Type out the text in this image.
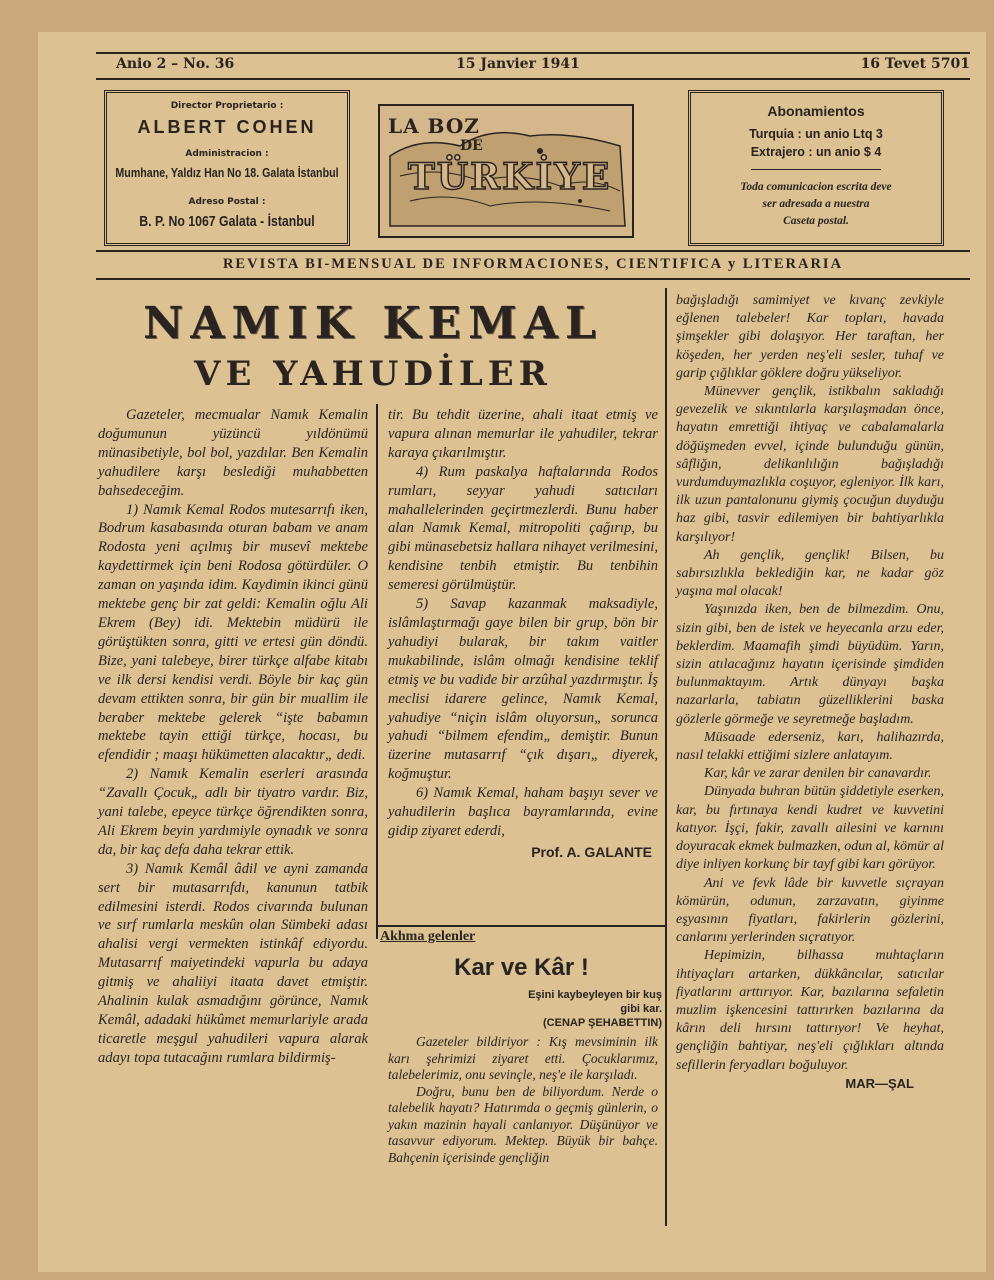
Anio 2 – No. 36	15 Janvier 1941	16 Tevet 5701
Director Proprietario :
ALBERT COHEN
Administracion :
Mumhane, Yaldız Han No 18. Galata İstanbul
Adreso Postal :
B. P. No 1067 Galata - İstanbul
LA BOZ
DE
TÜRKİYE
Abonamientos
Turquia : un anio Ltq 3
Extrajero : un anio $ 4
Toda comunicacion escrita deve
ser adresada a nuestra
Caseta postal.
REVISTA BI-MENSUAL DE INFORMACIONES, CIENTIFICA y LITERARIA
NAMIK KEMAL
VE YAHUDİLER

Gazeteler, mecmualar Namık Kemalin doğumunun yüzüncü yıldönümü münasibetiyle, bol bol, yazdılar. Ben Kemalin yahudilere karşı beslediği muhabbetten bahsedeceğim.

1) Namık Kemal Rodos mutesarrıfı iken, Bodrum kasabasında oturan babam ve anam Rodosta yeni açılmış bir musevî mektebe kaydettirmek için beni Rodosa götürdüler. O zaman on yaşında idim. Kaydimin ikinci günü mektebe genç bir zat geldi: Kemalin oğlu Ali Ekrem (Bey) idi. Mektebin müdürü ile görüştükten sonra, gitti ve ertesi gün döndü. Bize, yani talebeye, birer türkçe alfabe kitabı ve ilk dersi kendisi verdi. Böyle bir kaç gün devam ettikten sonra, bir gün bir muallim ile beraber mektebe gelerek “işte babamın mektebe tayin ettiği türkçe, hocası, bu efendidir ; maaşı hükümetten alacaktır„ dedi.

2) Namık Kemalin eserleri arasında “Zavallı Çocuk„ adlı bir tiyatro vardır. Biz, yani talebe, epeyce türkçe öğrendikten sonra, Ali Ekrem beyin yardımiyle oynadık ve sonra da, bir kaç defa daha tekrar ettik.

3) Namık Kemâl âdil ve ayni zamanda sert bir mutasarrıfdı, kanunun tatbik edilmesini isterdi. Rodos civarında bulunan ve sırf rumlarla meskûn olan Sümbeki adası ahalisi vergi vermekten istinkâf ediyordu. Mutasarrıf maiyetindeki vapurla bu adaya gitmiş ve ahaliiyi itaata davet etmiştir. Ahalinin kulak asmadığını görünce, Namık Kemâl, adadaki hükûmet memurlariyle arada ticaretle meşgul yahudileri vapura alarak adayı topa tutacağını rumlara bildirmiş-

tir. Bu tehdit üzerine, ahali itaat etmiş ve vapura alınan memurlar ile yahudiler, tekrar karaya çıkarılmıştır.

4) Rum paskalya haftalarında Rodos rumları, seyyar yahudi satıcıları mahallelerinden geçirtmezlerdi. Bunu haber alan Namık Kemal, mitropoliti çağırıp, bu gibi münasebetsiz hallara nihayet verilmesini, kendisine tenbih etmiştir. Bu tenbihin semeresi görülmüştür.

5) Savap kazanmak maksadiyle, islâmlaştırmağı gaye bilen bir grup, bön bir yahudiyi bularak, bir takım vaitler mukabilinde, islâm olmağı kendisine teklif etmiş ve bu vadide bir arzûhal yazdırmıştır. İş meclisi idarere gelince, Namık Kemal, yahudiye “niçin islâm oluyorsun„ sorunca yahudi “bilmem efendim„ demiştir. Bunun üzerine mutasarrıf “çık dışarı„ diyerek, koğmuştur.

6) Namık Kemal, haham başıyı sever ve yahudilerin başlıca bayramlarında, evine gidip ziyaret ederdi,

Prof. A. GALANTE
Akhma gelenler
Kar ve Kâr !
Eşini kaybeyleyen bir kuş
gibi kar.
(CENAP ŞEHABETTIN)

Gazeteler bildiriyor : Kış mevsiminin ilk karı şehrimizi ziyaret etti. Çocuklarımız, talebelerimiz, onu sevinçle, neş'e ile karşıladı.

Doğru, bunu ben de biliyordum. Nerde o talebelik hayatı? Hatırımda o geçmiş günlerin, o yakın mazinin hayali canlanıyor. Düşünüyor ve tasavvur ediyorum. Mektep. Büyük bir bahçe. Bahçenin içerisinde gençliğin

bağışladığı samimiyet ve kıvanç zevkiyle eğlenen talebeler! Kar topları, havada şimşekler gibi dolaşıyor. Her taraftan, her köşeden, her yerden neş'eli sesler, tuhaf ve garip çığlıklar göklere doğru yükseliyor.

Münevver gençlik, istikbalın sakladığı gevezelik ve sıkıntılarla karşılaşmadan önce, hayatın emrettiği ihtiyaç ve cabalamalarla döğüşmeden evvel, içinde bulunduğu günün, sâfliğın, delikanlılığın bağışladığı vurdumduymazlıkla coşuyor, egleniyor. İlk karı, ilk uzun pantalonunu giymiş çocuğun duyduğu haz gibi, tasvir edilemiyen bir bahtiyarlıkla karşılıyor!

Ah gençlik, gençlik! Bilsen, bu sabırsızlıkla beklediğin kar, ne kadar göz yaşına mal olacak!

Yaşınızda iken, ben de bilmezdim. Onu, sizin gibi, ben de istek ve heyecanla arzu eder, beklerdim. Maamafih şimdi büyüdüm. Yarın, sizin atılacağınız hayatın içerisinde şimdiden bulunmaktayım. Artık dünyayı başka nazarlarla, tabiatın güzelliklerini baska gözlerle görmeğe ve seyretmeğe başladım.

Müsaade ederseniz, karı, halihazırda, nasıl telakki ettiğimi sizlere anlatayım.

Kar, kâr ve zarar denilen bir canavardır.

Dünyada buhran bütün şiddetiyle eserken, kar, bu fırtınaya kendi kudret ve kuvvetini katıyor. İşçi, fakir, zavallı ailesini ve karnını doyuracak ekmek bulmazken, odun al, kömür al diye inliyen korkunç bir tayf gibi karı görüyor.

Ani ve fevk lâde bir kuvvetle sıçrayan kömürün, odunun, zarzavatın, giyinme eşyasının fiyatları, fakirlerin gözlerini, canlarını yerlerinden sıçratıyor.

Hepimizin, bilhassa muhtaçların ihtiyaçları artarken, dükkâncılar, satıcılar fiyatlarını arttırıyor. Kar, bazılarına sefaletin muzlim işkencesini tattırırken bazılarına da kârın deli hırsını tattırıyor! Ve heyhat, gençliğin bahtiyar, neş'eli çığlıkları altında sefillerin feryadları boğuluyor.

MAR—ŞAL
